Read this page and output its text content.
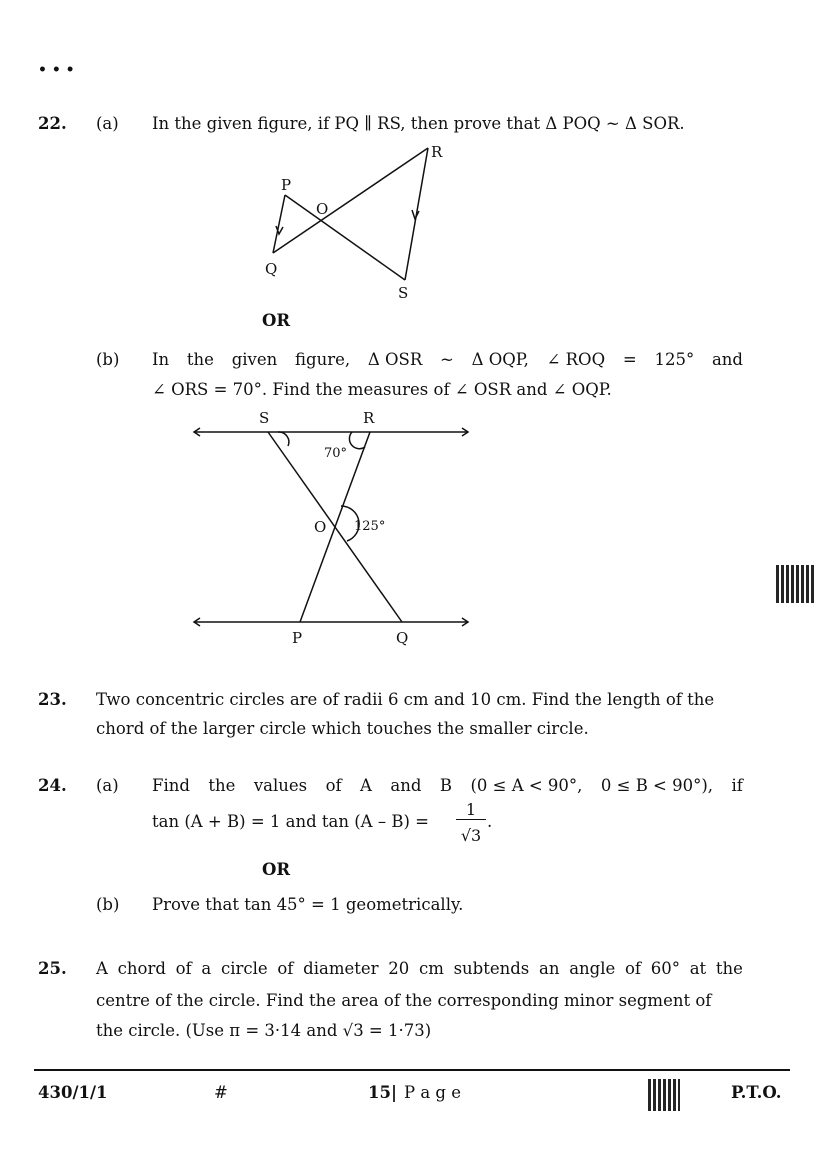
• • •
22. (a) In the given figure, if PQ ∥ RS, then prove that Δ POQ ~ Δ SOR.
P
O
R
Q
S
S	R
70°
O 125°
P	Q
OR
(b) In the given figure, Δ OSR ~ Δ OQP, ∠ ROQ = 125° and
∠ ORS = 70°. Find the measures of ∠ OSR and ∠ OQP.
23. Two concentric circles are of radii 6 cm and 10 cm. Find the length of the
chord of the larger circle which touches the smaller circle.
24. (a) Find the values of A and B (0 ≤ A < 90°, 0 ≤ B < 90°), if
tan (A + B) = 1 and tan (A – B) =
1
√3
.
OR
(b) Prove that tan 45° = 1 geometrically.
25. A chord of a circle of diameter 20 cm subtends an angle of 60° at the
centre of the circle. Find the area of the corresponding minor segment of
the circle. (Use π = 3·14 and √3 = 1·73)
430/1/1	#	15| P a g e	P.T.O.
